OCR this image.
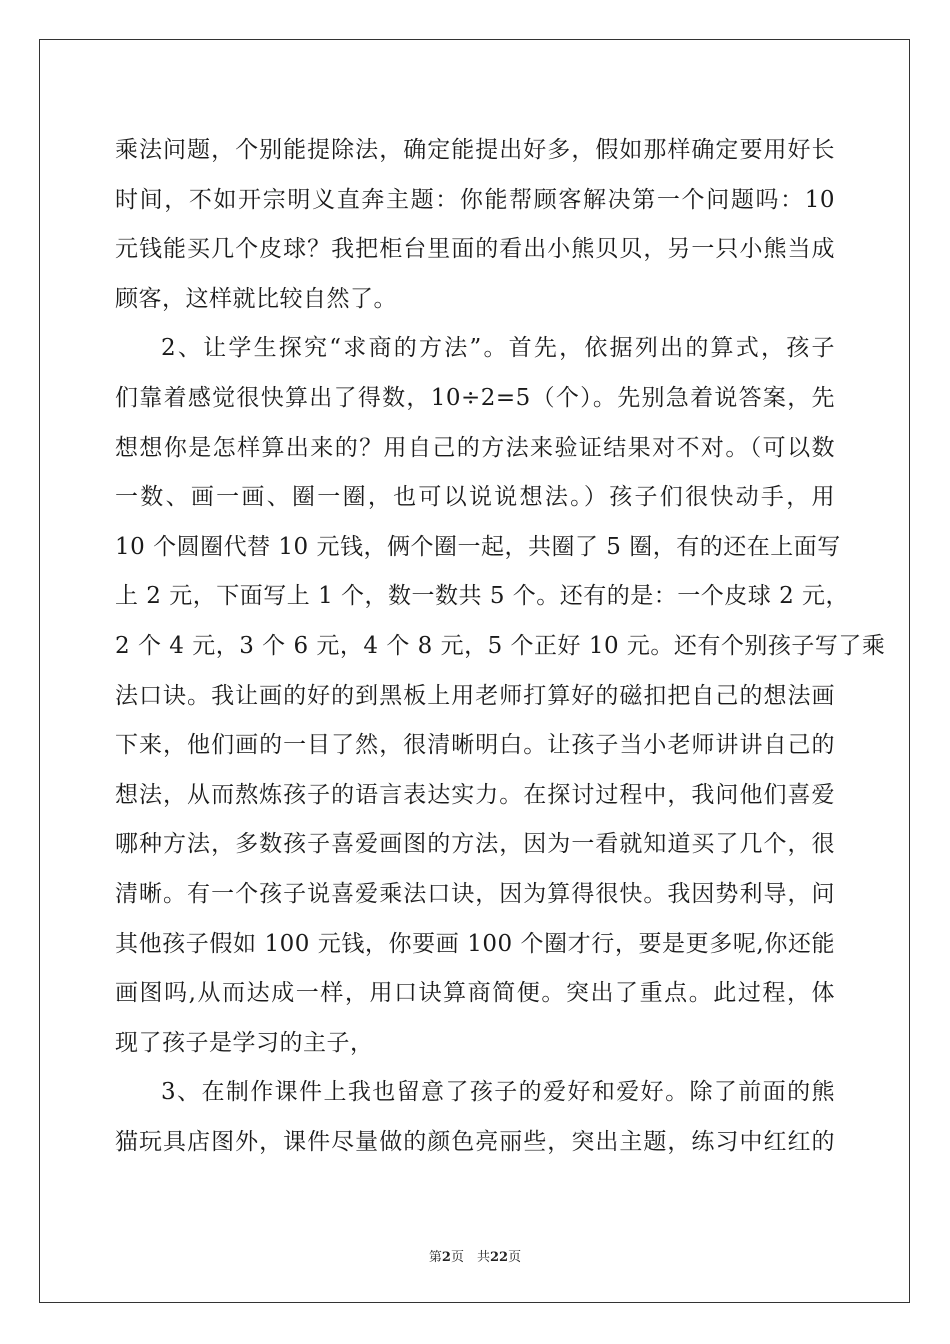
乘法问题，个别能提除法，确定能提出好多，假如那样确定要用好长
时间，不如开宗明义直奔主题：你能帮顾客解决第一个问题吗：10
元钱能买几个皮球？我把柜台里面的看出小熊贝贝，另一只小熊当成
顾客，这样就比较自然了。
2、让学生探究“求商的方法”。首先，依据列出的算式，孩子
们靠着感觉很快算出了得数，10÷2=5（个）。先别急着说答案，先
想想你是怎样算出来的？用自己的方法来验证结果对不对。（可以数
一数、画一画、圈一圈，也可以说说想法。）孩子们很快动手，用
10 个圆圈代替 10 元钱，俩个圈一起，共圈了 5 圈，有的还在上面写
上 2 元，下面写上 1 个，数一数共 5 个。还有的是：一个皮球 2 元，
2 个 4 元，3 个 6 元，4 个 8 元，5 个正好 10 元。还有个别孩子写了乘
法口诀。我让画的好的到黑板上用老师打算好的磁扣把自己的想法画
下来，他们画的一目了然，很清晰明白。让孩子当小老师讲讲自己的
想法，从而熬炼孩子的语言表达实力。在探讨过程中，我问他们喜爱
哪种方法，多数孩子喜爱画图的方法，因为一看就知道买了几个，很
清晰。有一个孩子说喜爱乘法口诀，因为算得很快。我因势利导，问
其他孩子假如 100 元钱，你要画 100 个圈才行，要是更多呢,你还能
画图吗,从而达成一样，用口诀算商简便。突出了重点。此过程，体
现了孩子是学习的主子，
3、在制作课件上我也留意了孩子的爱好和爱好。除了前面的熊
猫玩具店图外，课件尽量做的颜色亮丽些，突出主题，练习中红红的
第2页　共22页
